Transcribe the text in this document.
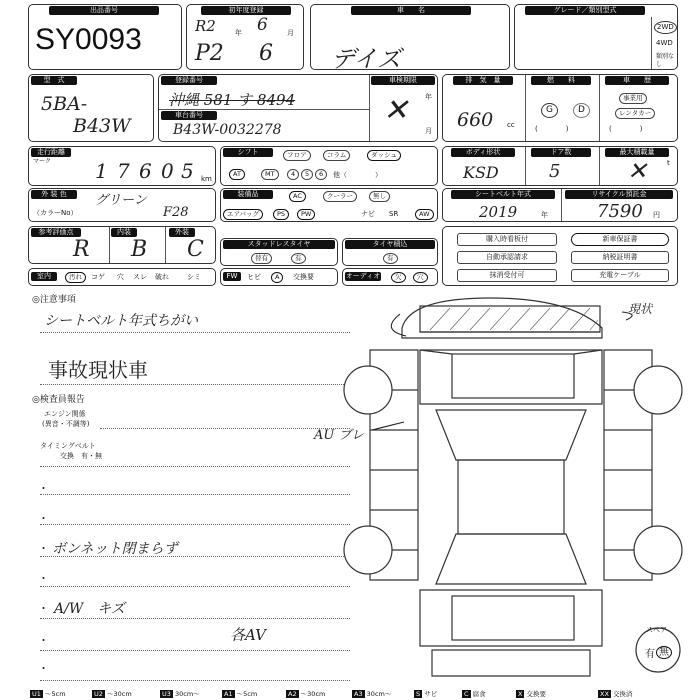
出品番号
SY0093
初年度登録
R2	年 6	月
P2 6
車　　名
デイズ
グレード／類別型式
2WD
4WD
類別なし
型　式
5BA-
B43W
登録番号
沖縄 581 す 8494
車台番号
B43W-0032278
車検期限
✕ 年
月
排　気　量
660 cc
燃　　料
G	D
(　　　　)
車　　歴
事業用
レンタカー
(　　　　)
走行距離
マーク 1 7 6 0 5 km
シフト	フロア	コラム	ダッシュ
AT	MT	4	5	6	他（　　　　）
ボディ形状
KSD
ドア数
5
最大積載量
✕	t
外 装 色	グリーン
（カラーNo）	F28
装備品	AC	クーラー	無し
エアバッグ	PS	PW	ナビ SR	AW
シートベルト年式
2019	年
リサイクル預託金
7590 円
参考評価点	内装	外装
R B C
室内	汚れ	コゲ 穴 スレ 破れ	シミ
スタッドレスタイヤ
替有	有
タイヤ積込
有
FW	ヒビ	A	交換要	オーディオ	欠	穴
購入時看板付	新車保証書
自動承認請求	納税証明書
抹消受付可	充電ケーブル
◎注意事項
シートベルト年式ちがい
事故現状車
◎検査員報告
エンジン関係
(異音・不調等)
タイミングベルト
交換　有・無
・
・
・ ボンネット閉まらず
・
・ A/W　キズ
・	各AV
・
現状
AU ブレ
スペア
有 無
U1 ～5cm	U2 ～30cm	U3 30cm～	A1 ～5cm	A2 ～30cm	A3 30cm～	S サビ	C 腐食	X 交換要	XX 交換済
